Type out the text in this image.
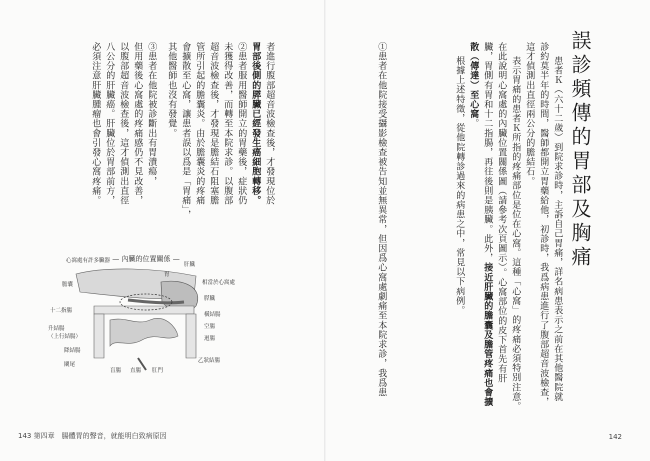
誤診頻傳的胃部及胸痛
患者Ｋ（六十二歲）到院求診時，主訴自己胃痛，詳名病患表示之前在其他醫院就
診約莫半年的時間，醫師都開立胃藥給他，初診時，我爲病患進行了腹部超音波檢查，
這才偵測出直徑兩公分的膽結石。
表示胃痛的患者Ｋ所指的疼痛部位是位在心窩。這種「心窩」的疼痛必須特別注意。
在此說明心窩處的內臟位置關係圖（請參考次頁圖示）。心窩部位的皮下首先有肝
臟，胃側有胃和十二指腸，再往後則是胰臟。此外，接近肝臟的膽囊及膽管疼痛也會擴
散（傳達）至心窩。
根據上述特徵，從他院轉診過來的病患之中，常見以下病例。
①患者在他院接受攝影檢查被告知並無異常，但因爲心窩處劇痛至本院求診，我爲患
142
者進行腹部超音波檢查後，才發現位於
胃部後側的膵臟已經發生癌細胞轉移。
②患者服用醫師開立的胃藥後，症狀仍
未獲得改善，而轉至本院求診。以腹部
超音波檢查後，才發現是膽結石阻塞膽
管所引起的膽囊炎。由於膽囊炎的疼痛
會擴散至心窩，讓患者誤以爲是「胃痛」，
其他醫師也沒有發覺。
③患者在他院被診斷出有胃潰瘍，
但用藥後心窩處的疼痛感仍不見改善，
以腹部超音波檢查後，這才偵測出直徑
八公分的肝臟癌。肝臟位於胃部前方，
必須注意肝臟腫瘤也會引發心窩疼痛。
— 內臟的位置關係 —
心窩處有許多臟器
肝臓
相當於心窩處
膽囊
膵臓
胃
十二指腸
橫結腸
空腸
升結腸
（上行結腸）	迴腸
降結腸
闌尾
乙狀結腸
盲腸 直腸 肛門
143 第四章　腸體胃的聲音，就能明白致病原因
